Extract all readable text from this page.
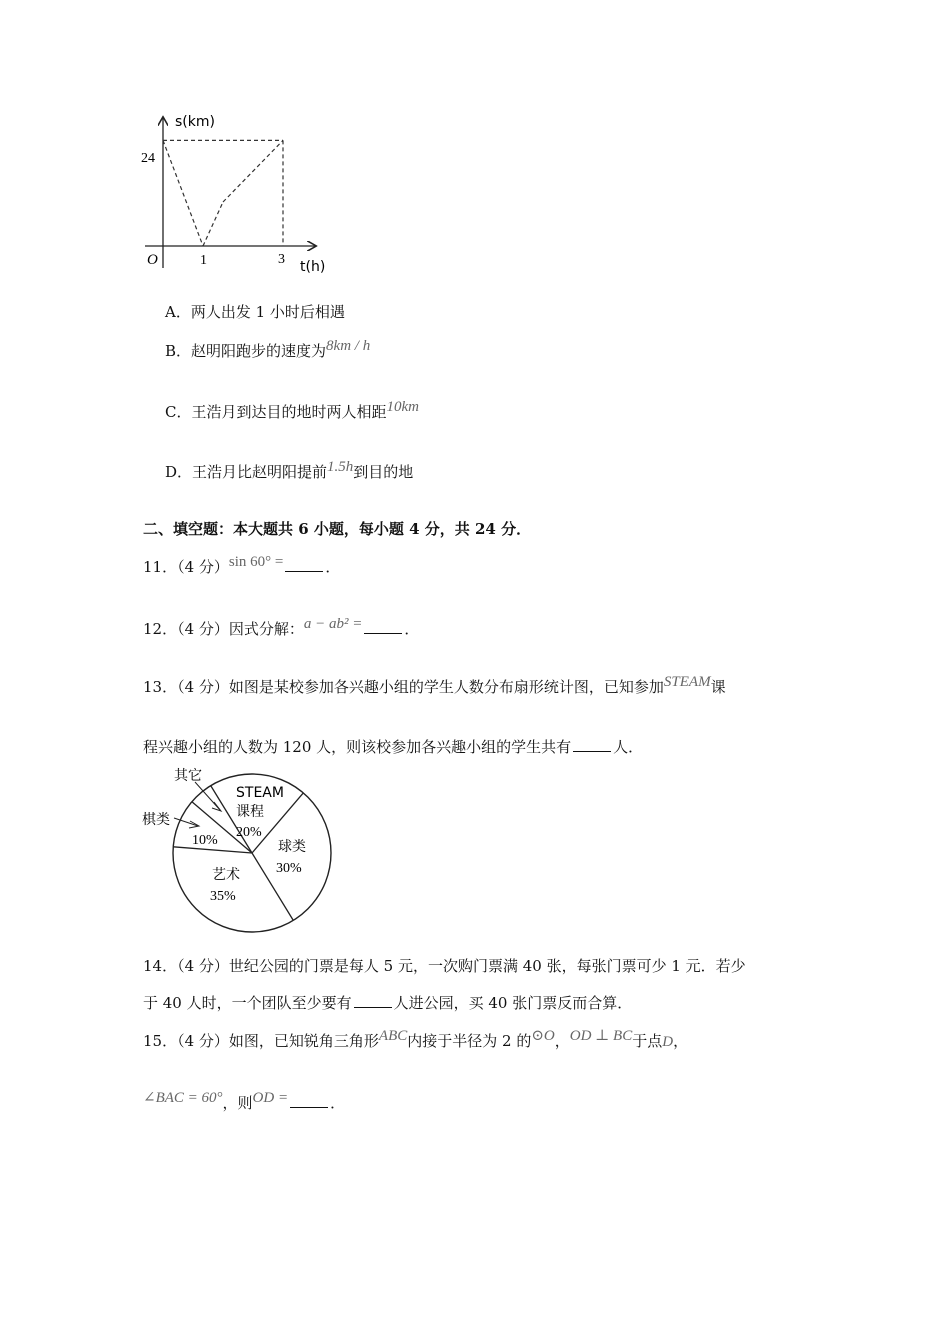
s(km)
24
O	1	3 t(h)
A．两人出发 1 小时后相遇
B．赵明阳跑步的速度为8km / h
C．王浩月到达目的地时两人相距10km
D．王浩月比赵明阳提前1.5h到目的地
二、填空题：本大题共 6 小题，每小题 4 分，共 24 分．
11．（4 分）sin 60° =	．
12．（4 分）因式分解：a − ab² =	．
13．（4 分）如图是某校参加各兴趣小组的学生人数分布扇形统计图，已知参加STEAM课
程兴趣小组的人数为 120 人，则该校参加各兴趣小组的学生共有	人．
其它
棋类
STEAM
课程
20%
10%	球类
30%
艺术
35%
14．（4 分）世纪公园的门票是每人 5 元，一次购门票满 40 张，每张门票可少 1 元．若少
于 40 人时，一个团队至少要有	人进公园，买 40 张门票反而合算．
15．（4 分）如图，已知锐角三角形ABC内接于半径为 2 的⊙O，OD ⊥ BC于点D，
∠BAC = 60°，则OD =	．
